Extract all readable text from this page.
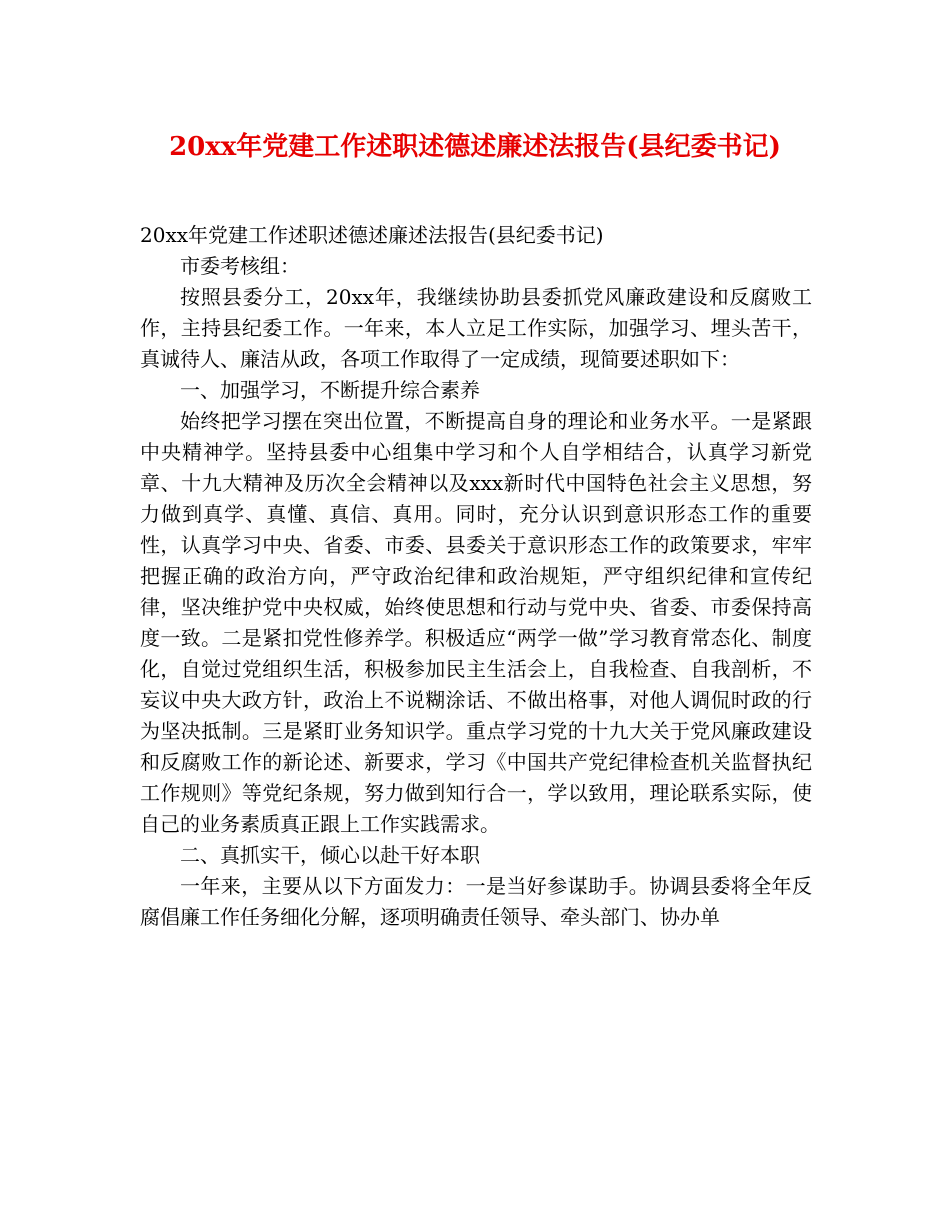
20xx年党建工作述职述德述廉述法报告(县纪委书记)

20xx年党建工作述职述德述廉述法报告(县纪委书记)

市委考核组：

按照县委分工，20xx年，我继续协助县委抓党风廉政建设和反腐败工作，主持县纪委工作。一年来，本人立足工作实际，加强学习、埋头苦干，真诚待人、廉洁从政，各项工作取得了一定成绩，现简要述职如下：

一、加强学习，不断提升综合素养

始终把学习摆在突出位置，不断提高自身的理论和业务水平。一是紧跟中央精神学。坚持县委中心组集中学习和个人自学相结合，认真学习新党章、十九大精神及历次全会精神以及xxx新时代中国特色社会主义思想，努力做到真学、真懂、真信、真用。同时，充分认识到意识形态工作的重要性，认真学习中央、省委、市委、县委关于意识形态工作的政策要求，牢牢把握正确的政治方向，严守政治纪律和政治规矩，严守组织纪律和宣传纪律，坚决维护党中央权威，始终使思想和行动与党中央、省委、市委保持高度一致。二是紧扣党性修养学。积极适应“两学一做”学习教育常态化、制度化，自觉过党组织生活，积极参加民主生活会上，自我检查、自我剖析，不妄议中央大政方针，政治上不说糊涂话、不做出格事，对他人调侃时政的行为坚决抵制。三是紧盯业务知识学。重点学习党的十九大关于党风廉政建设和反腐败工作的新论述、新要求，学习《中国共产党纪律检查机关监督执纪工作规则》等党纪条规，努力做到知行合一，学以致用，理论联系实际，使自己的业务素质真正跟上工作实践需求。

二、真抓实干，倾心以赴干好本职

一年来，主要从以下方面发力：一是当好参谋助手。协调县委将全年反腐倡廉工作任务细化分解，逐项明确责任领导、牵头部门、协办单
